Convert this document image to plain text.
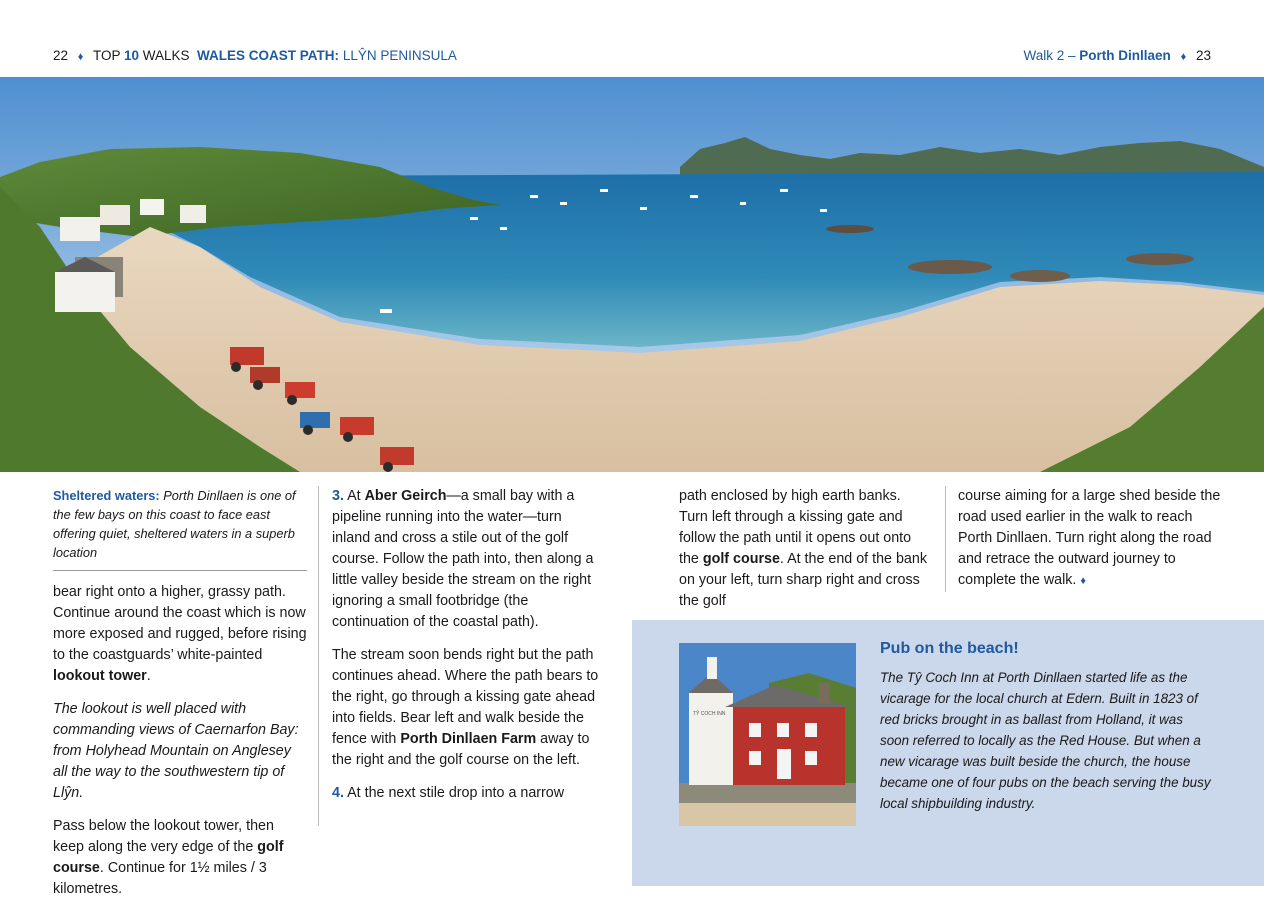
22 ♦ TOP 10 WALKS WALES COAST PATH: LLŶN PENINSULA	Walk 2 – Porth Dinllaen ♦ 23
Sheltered waters: Porth Dinllaen is one of the few bays on this coast to face east offering quiet, sheltered waters in a superb location

bear right onto a higher, grassy path. Continue around the coast which is now more exposed and rugged, before rising to the coastguards’ white-painted lookout tower.

The lookout is well placed with commanding views of Caernarfon Bay: from Holyhead Mountain on Anglesey all the way to the southwestern tip of Llŷn.

Pass below the lookout tower, then keep along the very edge of the golf course. Continue for 1½ miles / 3 kilometres.

3. At Aber Geirch—a small bay with a pipeline running into the water—turn inland and cross a stile out of the golf course. Follow the path into, then along a little valley beside the stream on the right ignoring a small footbridge (the continuation of the coastal path).

The stream soon bends right but the path continues ahead. Where the path bears to the right, go through a kissing gate ahead into fields. Bear left and walk beside the fence with Porth Dinllaen Farm away to the right and the golf course on the left.

4. At the next stile drop into a narrow

path enclosed by high earth banks. Turn left through a kissing gate and follow the path until it opens out onto the golf course. At the end of the bank on your left, turn sharp right and cross the golf

course aiming for a large shed beside the road used earlier in the walk to reach Porth Dinllaen. Turn right along the road and retrace the outward journey to complete the walk. ♦

TŶ COCH INN
Pub on the beach!
The Tŷ Coch Inn at Porth Dinllaen started life as the vicarage for the local church at Edern. Built in 1823 of red bricks brought in as ballast from Holland, it was soon referred to locally as the Red House. But when a new vicarage was built beside the church, the house became one of four pubs on the beach serving the busy local shipbuilding industry.
